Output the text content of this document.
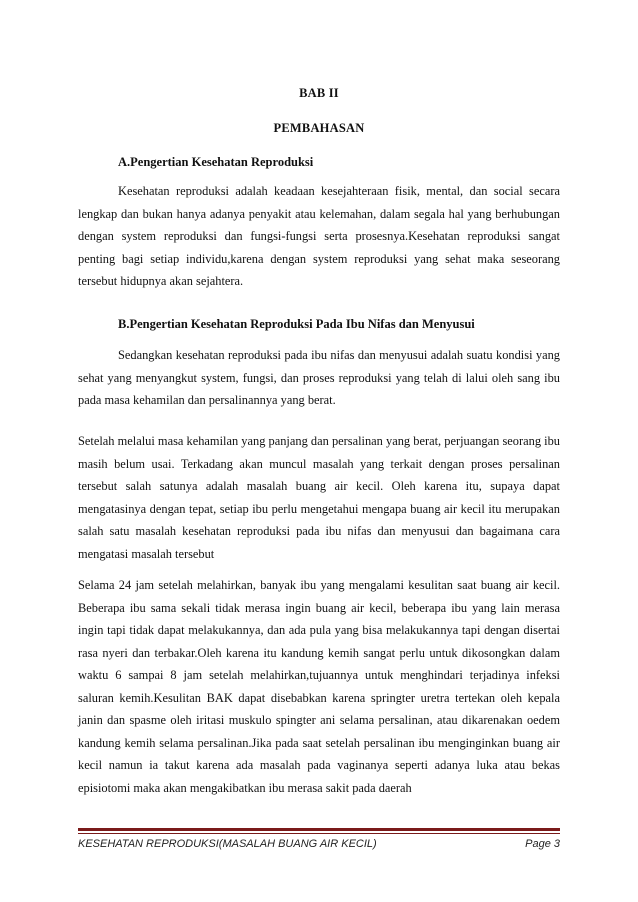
BAB II
PEMBAHASAN
A.Pengertian Kesehatan Reproduksi
Kesehatan reproduksi adalah keadaan kesejahteraan fisik, mental, dan social secara lengkap dan bukan hanya adanya penyakit atau kelemahan, dalam segala hal yang berhubungan dengan system reproduksi dan fungsi-fungsi serta prosesnya.Kesehatan reproduksi sangat penting bagi setiap individu,karena dengan system reproduksi yang sehat maka seseorang tersebut hidupnya akan sejahtera.
B.Pengertian Kesehatan Reproduksi Pada Ibu Nifas dan Menyusui
Sedangkan kesehatan reproduksi pada ibu nifas dan menyusui adalah suatu kondisi yang sehat yang menyangkut system, fungsi, dan proses reproduksi yang telah di lalui oleh sang ibu pada masa kehamilan dan persalinannya yang berat.
Setelah melalui masa kehamilan yang panjang dan persalinan yang berat, perjuangan seorang ibu masih belum usai. Terkadang akan muncul masalah yang terkait dengan proses persalinan tersebut salah satunya adalah masalah buang air kecil. Oleh karena itu, supaya dapat mengatasinya dengan tepat, setiap ibu perlu mengetahui mengapa buang air kecil itu merupakan salah satu masalah kesehatan reproduksi pada ibu nifas dan menyusui dan bagaimana cara mengatasi masalah tersebut
Selama 24 jam setelah melahirkan, banyak ibu yang mengalami kesulitan saat buang air kecil. Beberapa ibu sama sekali tidak merasa ingin buang air kecil, beberapa ibu yang lain merasa ingin tapi tidak dapat melakukannya, dan ada pula yang bisa melakukannya tapi dengan disertai rasa nyeri dan terbakar.Oleh karena itu kandung kemih sangat perlu untuk dikosongkan dalam waktu 6 sampai 8 jam setelah melahirkan,tujuannya untuk menghindari terjadinya infeksi saluran kemih.Kesulitan BAK dapat disebabkan karena springter uretra tertekan oleh kepala janin dan spasme oleh iritasi muskulo spingter ani selama persalinan, atau dikarenakan oedem kandung kemih selama persalinan.Jika pada saat setelah persalinan ibu menginginkan buang air kecil namun ia takut karena ada masalah pada vaginanya seperti adanya luka atau bekas episiotomi maka akan mengakibatkan ibu merasa sakit pada daerah
KESEHATAN REPRODUKSI(MASALAH BUANG AIR KECIL)	Page 3
